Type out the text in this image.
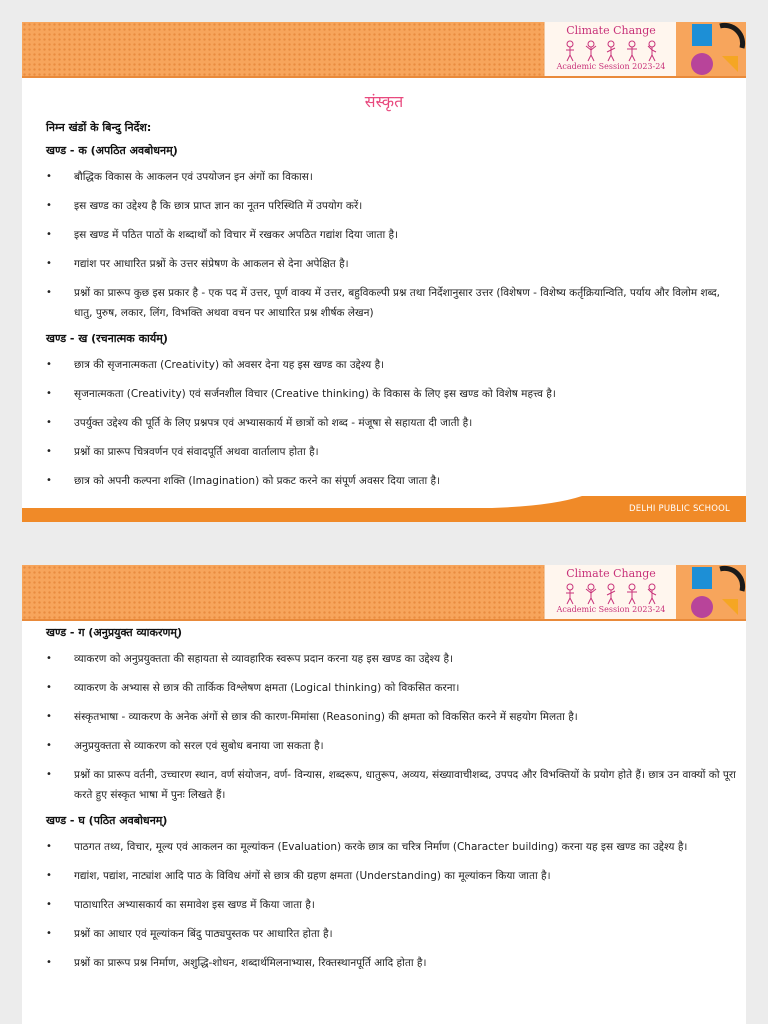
Climate Change
Academic Session 2023-24
संस्कृत
निम्न खंडों के बिन्दु निर्देश:
खण्ड - क (अपठित अवबोधनम्)
• बौद्धिक विकास के आकलन एवं उपयोजन इन अंगों का विकास।
• इस खण्ड का उद्देश्य है कि छात्र प्राप्त ज्ञान का नूतन परिस्थिति में उपयोग करें।
• इस खण्ड में पठित पाठों के शब्दार्थों को विचार में रखकर अपठित गद्यांश दिया जाता है।
• गद्यांश पर आधारित प्रश्नों के उत्तर संप्रेषण के आकलन से देना अपेक्षित है।
• प्रश्नों का प्रारूप कुछ इस प्रकार है - एक पद में उत्तर, पूर्ण वाक्य में उत्तर, बहुविकल्पी प्रश्न तथा निर्देशानुसार उत्तर (विशेषण - विशेष्य कर्तृक्रियान्विति, पर्याय और विलोम शब्द, धातु, पुरुष, लकार, लिंग, विभक्ति अथवा वचन पर आधारित प्रश्न शीर्षक लेखन)
खण्ड - ख (रचनात्मक कार्यम्)
• छात्र की सृजनात्मकता (Creativity) को अवसर देना यह इस खण्ड का उद्देश्य है।
• सृजनात्मकता (Creativity) एवं सर्जनशील विचार (Creative thinking) के विकास के लिए इस खण्ड को विशेष महत्त्व है।
• उपर्युक्त उद्देश्य की पूर्ति के लिए प्रश्नपत्र एवं अभ्यासकार्य में छात्रों को शब्द - मंजूषा से सहायता दी जाती है।
• प्रश्नों का प्रारूप चित्रवर्णन एवं संवादपूर्ति अथवा वार्तालाप होता है।
• छात्र को अपनी कल्पना शक्ति (Imagination) को प्रकट करने का संपूर्ण अवसर दिया जाता है।
DELHI PUBLIC SCHOOL
Climate Change
Academic Session 2023-24
खण्ड - ग (अनुप्रयुक्त व्याकरणम्)
• व्याकरण को अनुप्रयुक्तता की सहायता से व्यावहारिक स्वरूप प्रदान करना यह इस खण्ड का उद्देश्य है।
• व्याकरण के अभ्यास से छात्र की तार्किक विश्लेषण क्षमता (Logical thinking) को विकसित करना।
• संस्कृतभाषा - व्याकरण के अनेक अंगों से छात्र की कारण-मिमांसा (Reasoning) की क्षमता को विकसित करने में सहयोग मिलता है।
• अनुप्रयुक्तता से व्याकरण को सरल एवं सुबोध बनाया जा सकता है।
• प्रश्नों का प्रारूप वर्तनी, उच्चारण स्थान, वर्ण संयोजन, वर्ण- विन्यास, शब्दरूप, धातुरूप, अव्यय, संख्यावाचीशब्द, उपपद और विभक्तियों के प्रयोग होते हैं। छात्र उन वाक्यों को पूरा करते हुए संस्कृत भाषा में पुनः लिखते हैं।
खण्ड - घ (पठित अवबोधनम्)
• पाठगत तथ्य, विचार, मूल्य एवं आकलन का मूल्यांकन (Evaluation) करके छात्र का चरित्र निर्माण (Character building) करना यह इस खण्ड का उद्देश्य है।
• गद्यांश, पद्यांश, नाट्यांश आदि पाठ के विविध अंगों से छात्र की ग्रहण क्षमता (Understanding) का मूल्यांकन किया जाता है।
• पाठाधारित अभ्यासकार्य का समावेश इस खण्ड में किया जाता है।
• प्रश्नों का आधार एवं मूल्यांकन बिंदु पाठ्यपुस्तक पर आधारित होता है।
• प्रश्नों का प्रारूप प्रश्न निर्माण, अशुद्धि-शोधन, शब्दार्थमिलनाभ्यास, रिक्तस्थानपूर्ति आदि होता है।
